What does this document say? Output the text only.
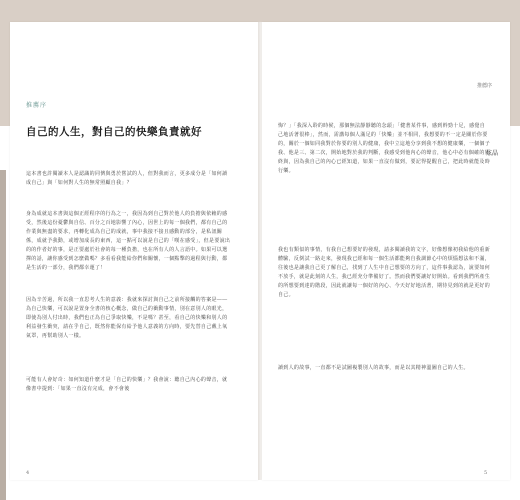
推薦序
自己的人生，對自己的快樂負責就好
炫晶
這本書也許閱讀本人是認識的同儕與勇於嘗試的人，但對我而言，更多成分是「如何讀成自己」與「如何對人生的無常照顧自我」？
身為成就這本書與這個正經程序的行為之一，我因為到自己對於他人的負擔與依賴的感受，然後這份憂鬱與自信、百分之百地影響了內心，因世上的每一個我們，都有自己的作業與無盡的要求，再轉化成為自己的成就，事中我接不接且感動的部分，是私訊關係，成就予我動，或增加成長的東西，這一點可以說是自己的「嘆在感受」，但是要說出的的作者好的事，是正要處於社會的每一種負擔，也在所有人的人言語中。如果可以選擇的話，讓你感受到怎麼做嗎？多看看我能給你們和關懷，一個點擊的過程與行動，都是生活的一部分，我們都幸運了！
因為辛苦過，所以我一直思考人生的意義：我就來探討與自己之前所接觸的答案是――為自己快樂，可以說是置身全書的核心概念，做自己的衝動事情，別在意別人的眼光，即使為別人付出時，我們也正為自己爭取快樂，不是嗎？甚至，看自己的快樂和別人的利益發生衝突，請在乎自己，既然你能保有給予他人意義的方向時，要先替自己戴上氧氣罩，再幫助別人一樣。
可能有人會好奇：如何知道什麼才是「自己的快樂」？我會說：聽自己內心的聲音，就像書中提到：「如果一直沒有完成，會不會後
推薦序
悔？」「我深入聆的時候，那個無法靜靜聽的念頭」「健著某件事，感到幹勁十足，感覺自己地活著很棒」，然而，需講每個人滿足的「快樂」並不相同，我想要的不一定是關於你要的，關於一個如同我對於你要的別人的健康，我中立這地分享到我不想的健康樂，一個個子我、他是三、第二次，開始地對於我的判斷，我感受到他內心的聲音，他心中必有個確的始終與，因為我自己的內心已經知道，如果一直沒有做到，要記得提醒自己，把此時就能及時行樂。
我也有類似的事情，有我自己想要好的發現，請多閱讀我的文字，好像想像初我給他的重新體驗，反倒試一路走來，發現我已經和每一個生活都能夠自我調節心中的煩惱想法和不滿，往後也是讓我自己更了解自己，找到了人生中自己想要的方向了，這件事我認為，說要如何不放手，就是此刻的人生，我已經充分準備好了。然而我們要讓好好開始。看到我們所產生的所想要到達的階段，因此就讓每一個好的內心、今天好好地活著，期待見到的就是更好的自己。
讀到人的故事，一直都不是試圖複製別人的故事，而是以其精神溫圖自己的人生。
4	5
